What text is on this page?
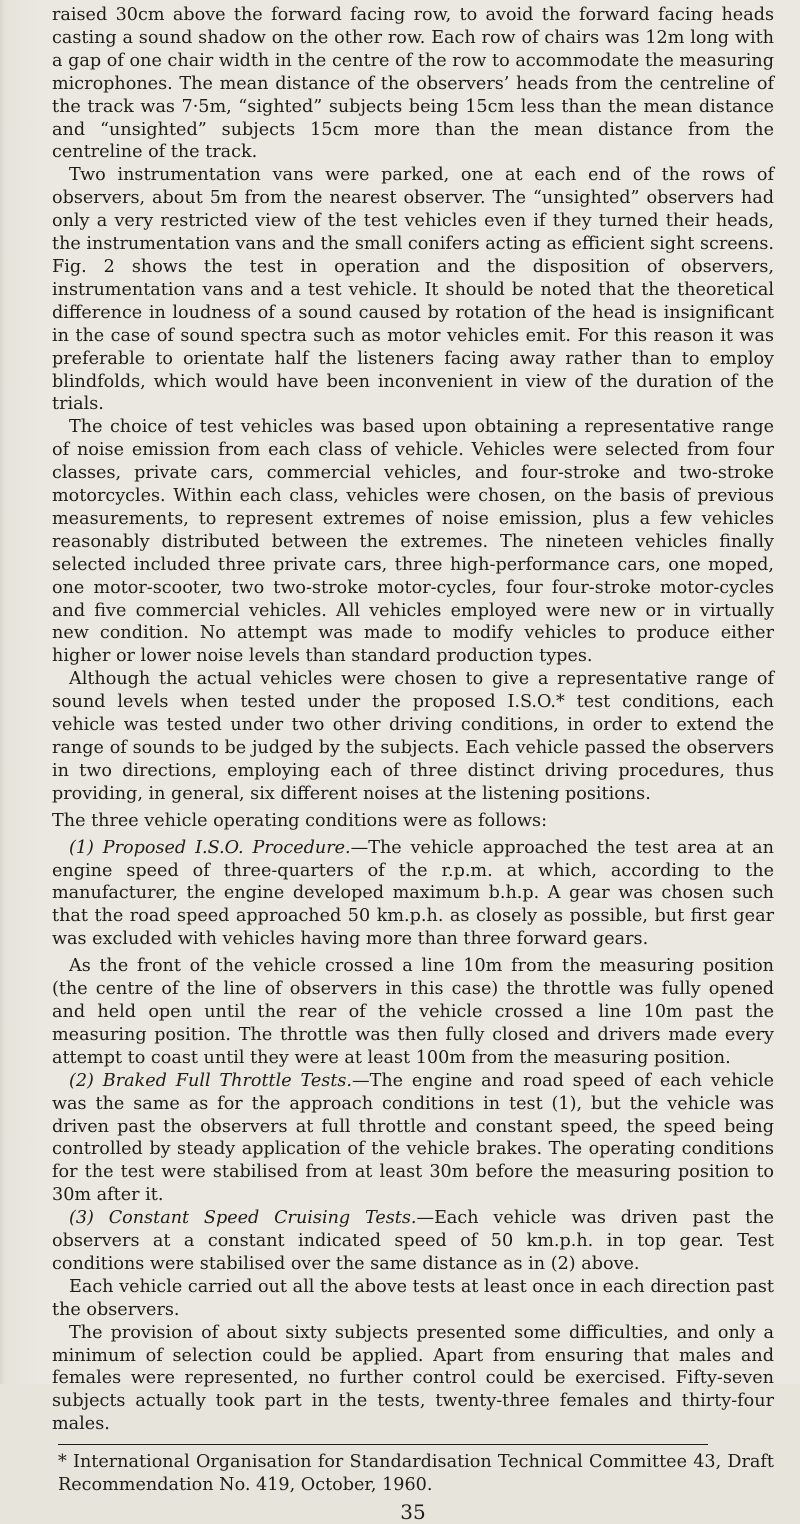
raised 30cm above the forward facing row, to avoid the forward facing heads casting a sound shadow on the other row. Each row of chairs was 12m long with a gap of one chair width in the centre of the row to accommodate the measuring microphones. The mean distance of the observers’ heads from the centreline of the track was 7·5m, “sighted” subjects being 15cm less than the mean distance and “unsighted” subjects 15cm more than the mean distance from the centreline of the track.

Two instrumentation vans were parked, one at each end of the rows of observers, about 5m from the nearest observer. The “unsighted” observers had only a very restricted view of the test vehicles even if they turned their heads, the instrumentation vans and the small conifers acting as efficient sight screens. Fig. 2 shows the test in operation and the disposition of observers, instrumentation vans and a test vehicle. It should be noted that the theoretical difference in loudness of a sound caused by rotation of the head is insignificant in the case of sound spectra such as motor vehicles emit. For this reason it was preferable to orientate half the listeners facing away rather than to employ blindfolds, which would have been inconvenient in view of the duration of the trials.

The choice of test vehicles was based upon obtaining a representative range of noise emission from each class of vehicle. Vehicles were selected from four classes, private cars, commercial vehicles, and four-stroke and two-stroke motorcycles. Within each class, vehicles were chosen, on the basis of previous measurements, to represent extremes of noise emission, plus a few vehicles reasonably distributed between the extremes. The nineteen vehicles finally selected included three private cars, three high-performance cars, one moped, one motor-scooter, two two-stroke motor-cycles, four four-stroke motor-cycles and five commercial vehicles. All vehicles employed were new or in virtually new condition. No attempt was made to modify vehicles to produce either higher or lower noise levels than standard production types.

Although the actual vehicles were chosen to give a representative range of sound levels when tested under the proposed I.S.O.* test conditions, each vehicle was tested under two other driving conditions, in order to extend the range of sounds to be judged by the subjects. Each vehicle passed the observers in two directions, employing each of three distinct driving procedures, thus providing, in general, six different noises at the listening positions.

The three vehicle operating conditions were as follows:

(1) Proposed I.S.O. Procedure.—The vehicle approached the test area at an engine speed of three-quarters of the r.p.m. at which, according to the manufacturer, the engine developed maximum b.h.p. A gear was chosen such that the road speed approached 50 km.p.h. as closely as possible, but first gear was excluded with vehicles having more than three forward gears.

As the front of the vehicle crossed a line 10m from the measuring position (the centre of the line of observers in this case) the throttle was fully opened and held open until the rear of the vehicle crossed a line 10m past the measuring position. The throttle was then fully closed and drivers made every attempt to coast until they were at least 100m from the measuring position.

(2) Braked Full Throttle Tests.—The engine and road speed of each vehicle was the same as for the approach conditions in test (1), but the vehicle was driven past the observers at full throttle and constant speed, the speed being controlled by steady application of the vehicle brakes. The operating conditions for the test were stabilised from at least 30m before the measuring position to 30m after it.

(3) Constant Speed Cruising Tests.—Each vehicle was driven past the observers at a constant indicated speed of 50 km.p.h. in top gear. Test conditions were stabilised over the same distance as in (2) above.

Each vehicle carried out all the above tests at least once in each direction past the observers.

The provision of about sixty subjects presented some difficulties, and only a minimum of selection could be applied. Apart from ensuring that males and females were represented, no further control could be exercised. Fifty-seven subjects actually took part in the tests, twenty-three females and thirty-four males.

* International Organisation for Standardisation Technical Committee 43, Draft Recommendation No. 419, October, 1960.

35
